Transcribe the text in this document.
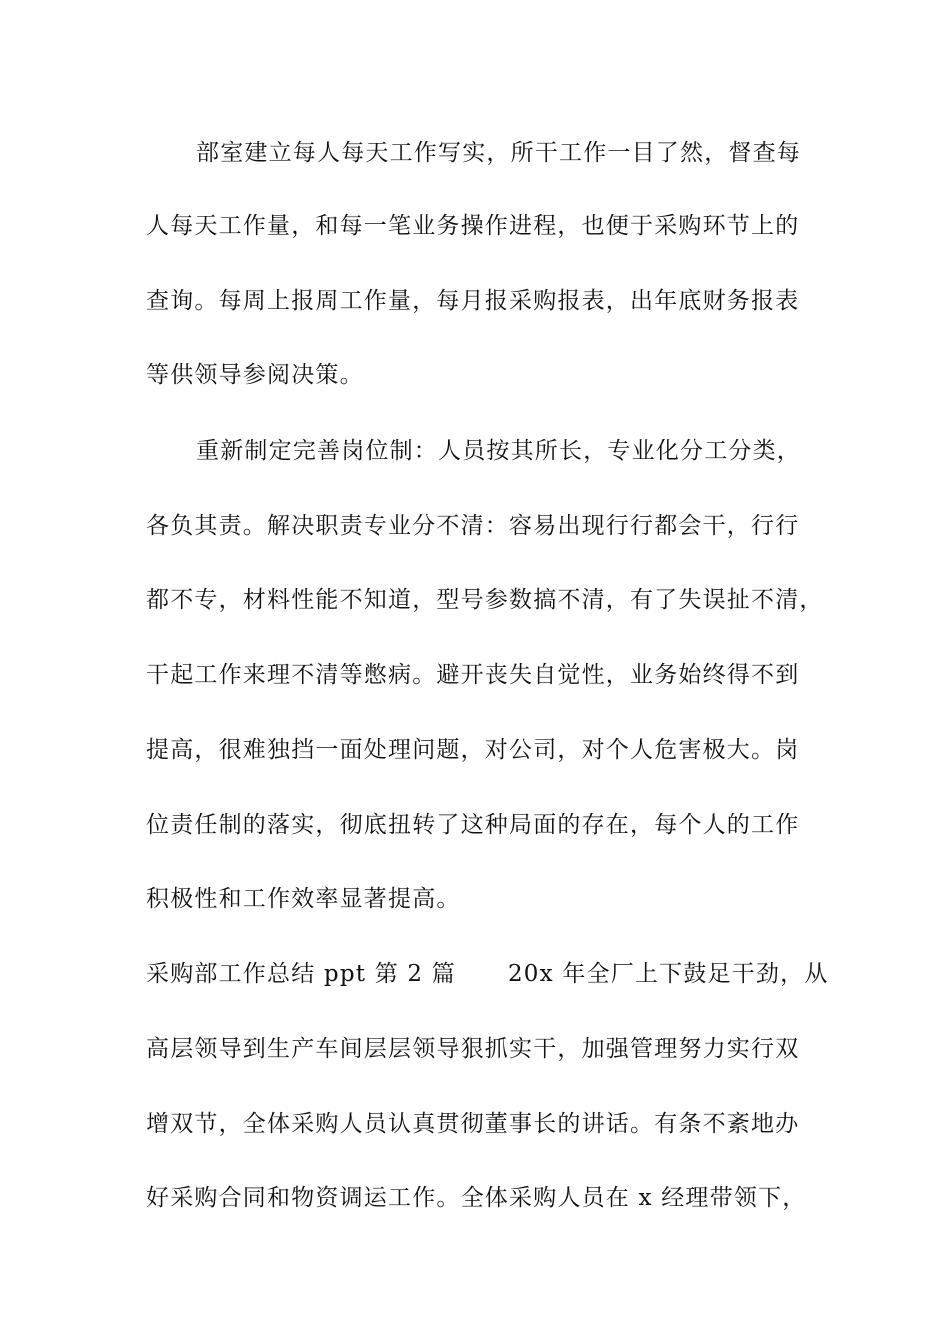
部室建立每人每天工作写实，所干工作一目了然，督查每
人每天工作量，和每一笔业务操作进程，也便于采购环节上的
查询。每周上报周工作量，每月报采购报表，出年底财务报表
等供领导参阅决策。
重新制定完善岗位制：人员按其所长，专业化分工分类，
各负其责。解决职责专业分不清：容易出现行行都会干，行行
都不专，材料性能不知道，型号参数搞不清，有了失误扯不清，
干起工作来理不清等憋病。避开丧失自觉性，业务始终得不到
提高，很难独挡一面处理问题，对公司，对个人危害极大。岗
位责任制的落实，彻底扭转了这种局面的存在，每个人的工作
积极性和工作效率显著提高。
采购部工作总结 ppt 第 2 篇 20x 年全厂上下鼓足干劲，从
高层领导到生产车间层层领导狠抓实干，加强管理努力实行双
增双节，全体采购人员认真贯彻董事长的讲话。有条不紊地办
好采购合同和物资调运工作。全体采购人员在 x 经理带领下，
